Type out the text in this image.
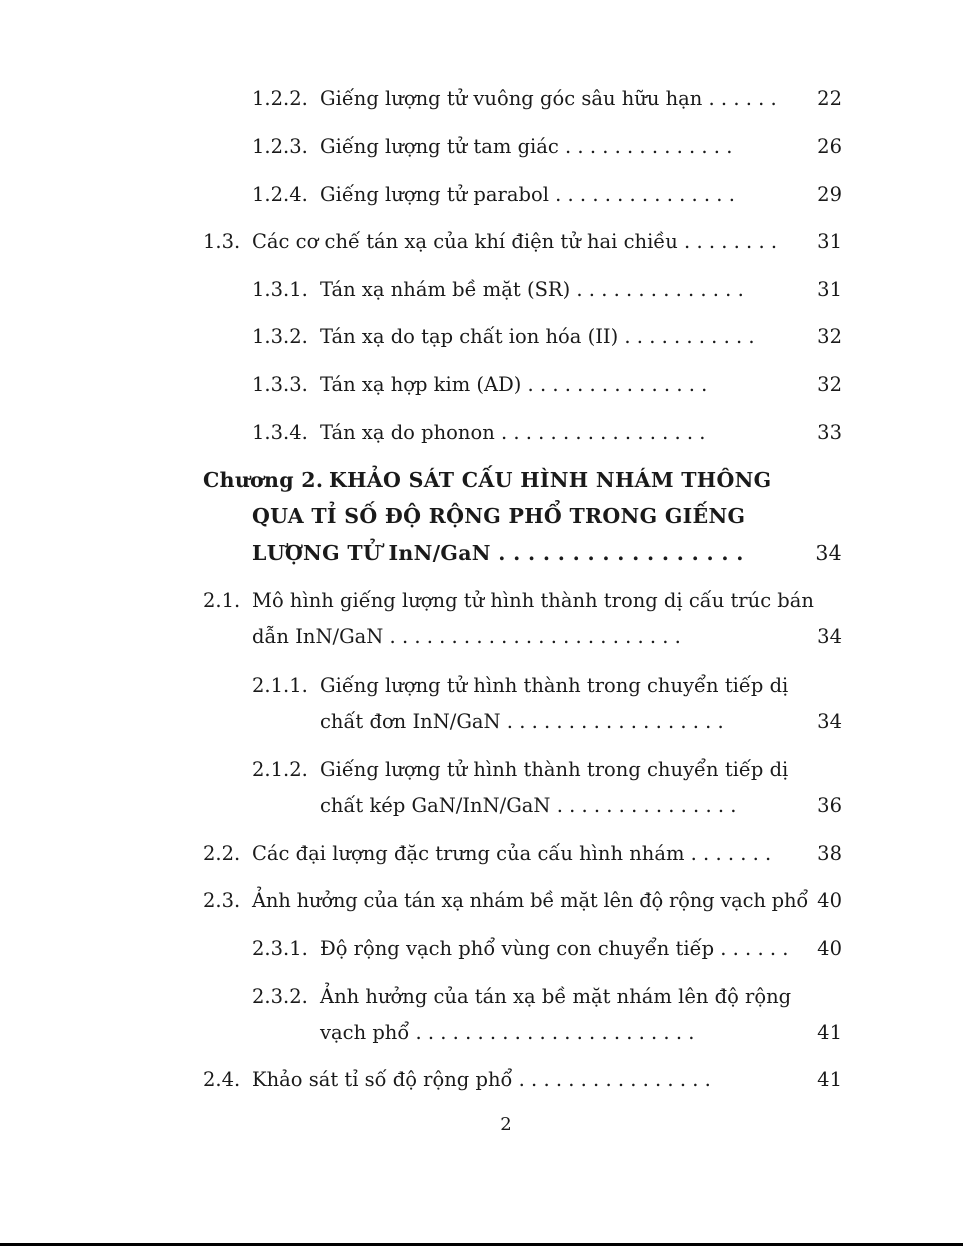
1.2.2. Giếng lượng tử vuông góc sâu hữu hạn . . . . . . 22
1.2.3. Giếng lượng tử tam giác . . . . . . . . . . . . . .	26
1.2.4. Giếng lượng tử parabol . . . . . . . . . . . . . . .	29
1.3. Các cơ chế tán xạ của khí điện tử hai chiều . . . . . . . . 31
1.3.1. Tán xạ nhám bề mặt (SR) . . . . . . . . . . . . . .	31
1.3.2. Tán xạ do tạp chất ion hóa (II) . . . . . . . . . . .	32
1.3.3. Tán xạ hợp kim (AD) . . . . . . . . . . . . . . .	32
1.3.4. Tán xạ do phonon . . . . . . . . . . . . . . . . .	33
Chương 2. KHẢO SÁT CẤU HÌNH NHÁM THÔNG
QUA TỈ SỐ ĐỘ RỘNG PHỔ TRONG GIẾNG
LƯỢNG TỬ InN/GaN . . . . . . . . . . . . . . . . .	34
2.1. Mô hình giếng lượng tử hình thành trong dị cấu trúc bán
dẫn InN/GaN . . . . . . . . . . . . . . . . . . . . . . . .	34
2.1.1. Giếng lượng tử hình thành trong chuyển tiếp dị
chất đơn InN/GaN . . . . . . . . . . . . . . . . . .	34
2.1.2. Giếng lượng tử hình thành trong chuyển tiếp dị
chất kép GaN/InN/GaN . . . . . . . . . . . . . . .	36
2.2. Các đại lượng đặc trưng của cấu hình nhám . . . . . . . 38
2.3. Ảnh hưởng của tán xạ nhám bề mặt lên độ rộng vạch phổ 40
2.3.1. Độ rộng vạch phổ vùng con chuyển tiếp . . . . . . 40
2.3.2. Ảnh hưởng của tán xạ bề mặt nhám lên độ rộng
vạch phổ . . . . . . . . . . . . . . . . . . . . . . .	41
2.4. Khảo sát tỉ số độ rộng phổ . . . . . . . . . . . . . . . .	41
2
